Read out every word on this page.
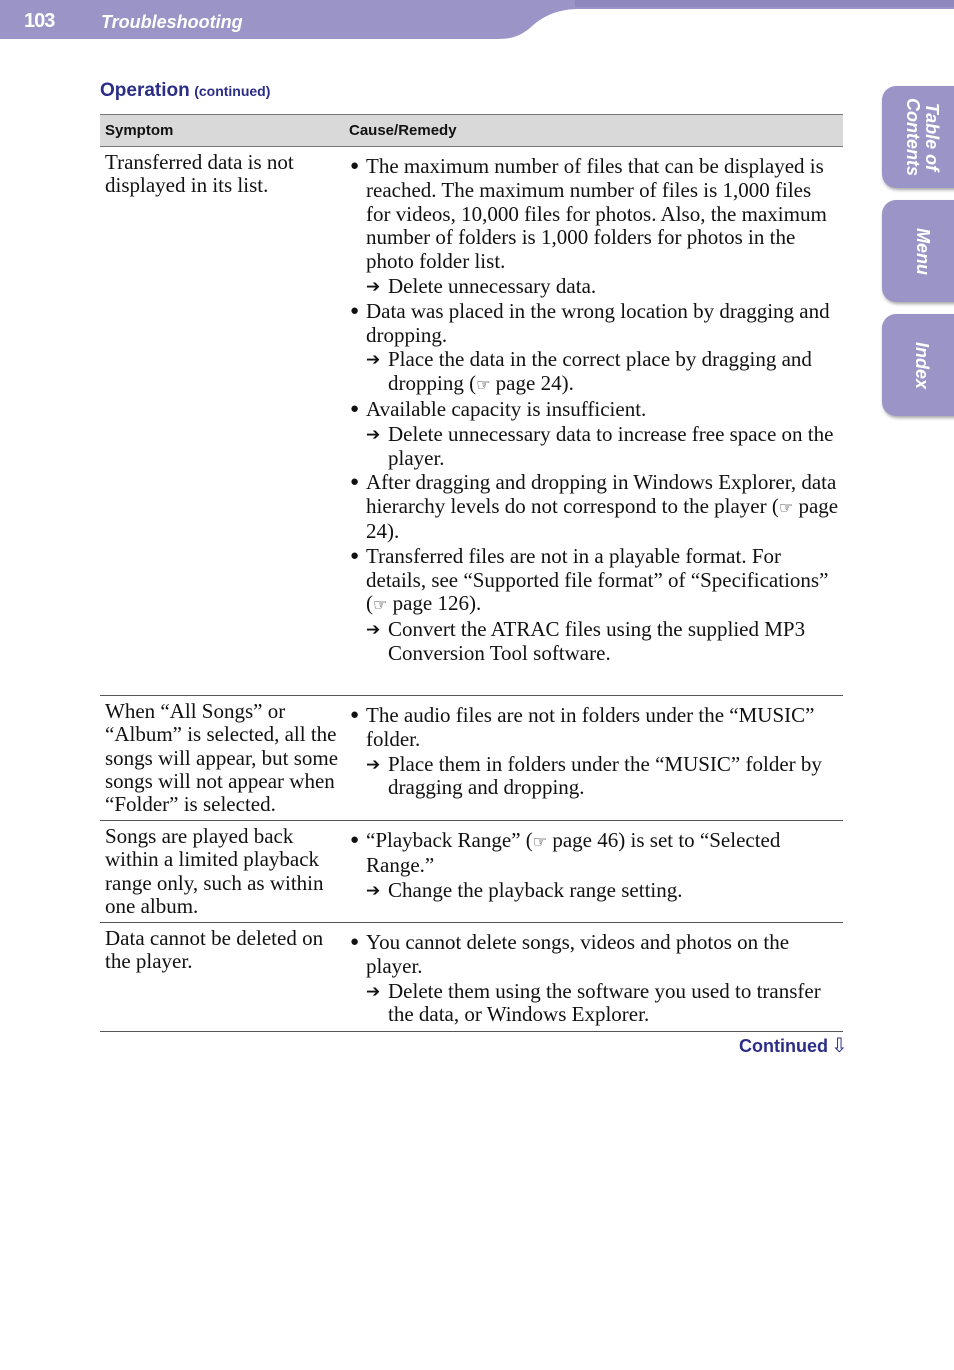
103	Troubleshooting
Table of
Contents
Menu
Index
Operation (continued)
Symptom	Cause/Remedy
Transferred data is not displayed in its list.
● The maximum number of files that can be displayed is reached. The maximum number of files is 1,000 files for videos, 10,000 files for photos. Also, the maximum number of folders is 1,000 folders for photos in the photo folder list.
➔ Delete unnecessary data.
● Data was placed in the wrong location by dragging and dropping.
➔ Place the data in the correct place by dragging and dropping (☞ page 24).
● Available capacity is insufficient.
➔ Delete unnecessary data to increase free space on the player.
● After dragging and dropping in Windows Explorer, data hierarchy levels do not correspond to the player (☞ page 24).
● Transferred files are not in a playable format. For details, see “Supported file format” of “Specifications” (☞ page 126).
➔ Convert the ATRAC files using the supplied MP3 Conversion Tool software.
When “All Songs” or “Album” is selected, all the songs will appear, but some songs will not appear when “Folder” is selected.
● The audio files are not in folders under the “MUSIC” folder.
➔ Place them in folders under the “MUSIC” folder by dragging and dropping.
Songs are played back within a limited playback range only, such as within one album.
● “Playback Range” (☞ page 46) is set to “Selected Range.”
➔ Change the playback range setting.
Data cannot be deleted on the player.
● You cannot delete songs, videos and photos on the player.
➔ Delete them using the software you used to transfer the data, or Windows Explorer.
Continued ⇩
